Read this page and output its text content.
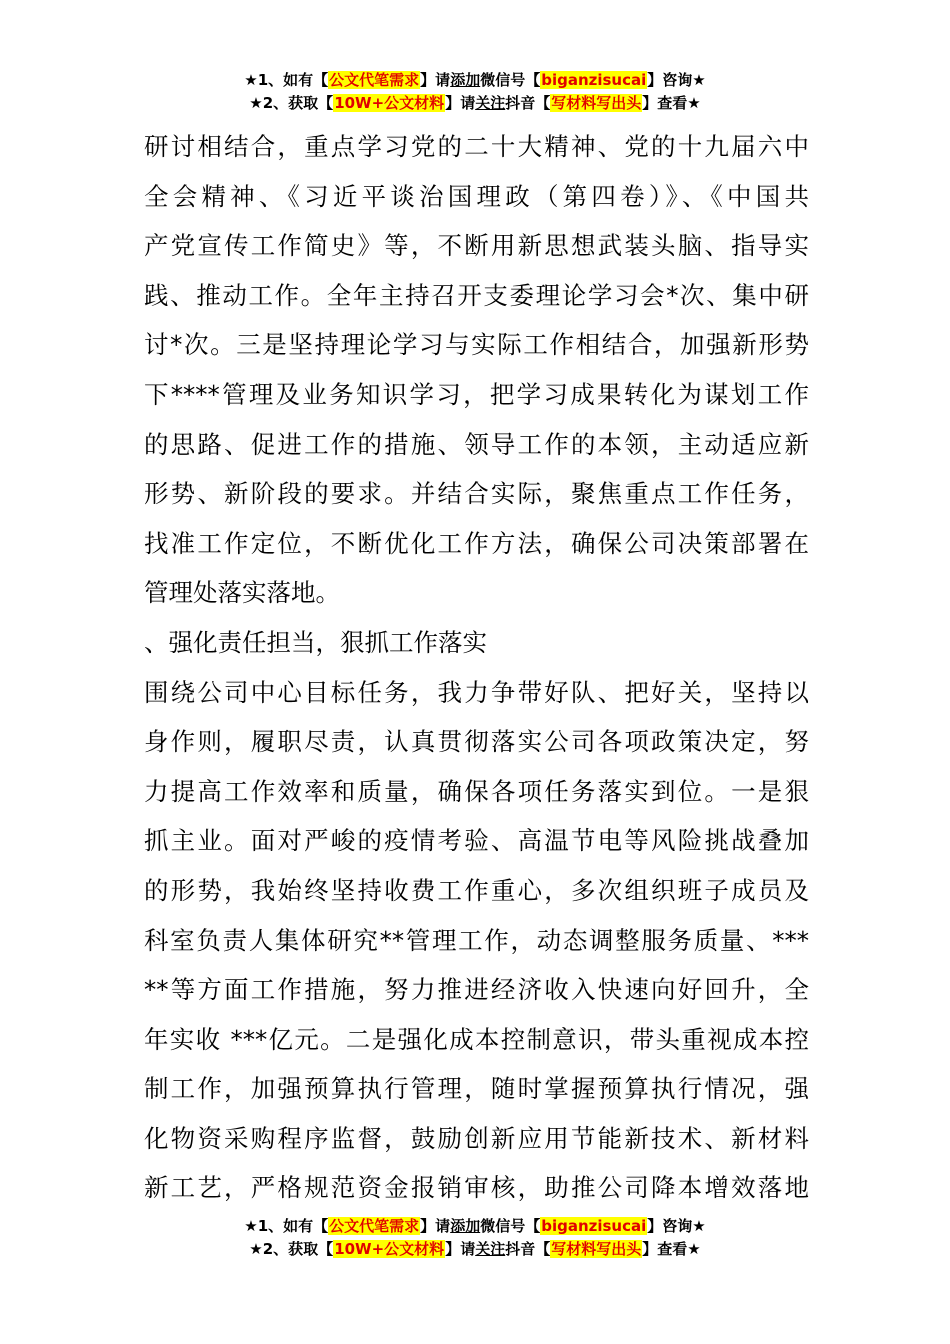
★1、如有【公文代笔需求】请添加微信号【biganzisucai】咨询★
★2、获取【10W+公文材料】请关注抖音【写材料写出头】查看★
研讨相结合，重点学习党的二十大精神、党的十九届六中
全会精神、《习近平谈治国理政（第四卷）》、《中国共
产党宣传工作简史》等，不断用新思想武装头脑、指导实
践、推动工作。全年主持召开支委理论学习会*次、集中研
讨*次。三是坚持理论学习与实际工作相结合，加强新形势
下****管理及业务知识学习，把学习成果转化为谋划工作
的思路、促进工作的措施、领导工作的本领，主动适应新
形势、新阶段的要求。并结合实际，聚焦重点工作任务，
找准工作定位，不断优化工作方法，确保公司决策部署在
管理处落实落地。
、强化责任担当，狠抓工作落实
围绕公司中心目标任务，我力争带好队、把好关，坚持以
身作则，履职尽责，认真贯彻落实公司各项政策决定，努
力提高工作效率和质量，确保各项任务落实到位。一是狠
抓主业。面对严峻的疫情考验、高温节电等风险挑战叠加
的形势，我始终坚持收费工作重心，多次组织班子成员及
科室负责人集体研究**管理工作，动态调整服务质量、***
**等方面工作措施，努力推进经济收入快速向好回升，全
年实收 ***亿元。二是强化成本控制意识，带头重视成本控
制工作，加强预算执行管理，随时掌握预算执行情况，强
化物资采购程序监督，鼓励创新应用节能新技术、新材料
新工艺，严格规范资金报销审核，助推公司降本增效落地
★1、如有【公文代笔需求】请添加微信号【biganzisucai】咨询★
★2、获取【10W+公文材料】请关注抖音【写材料写出头】查看★
